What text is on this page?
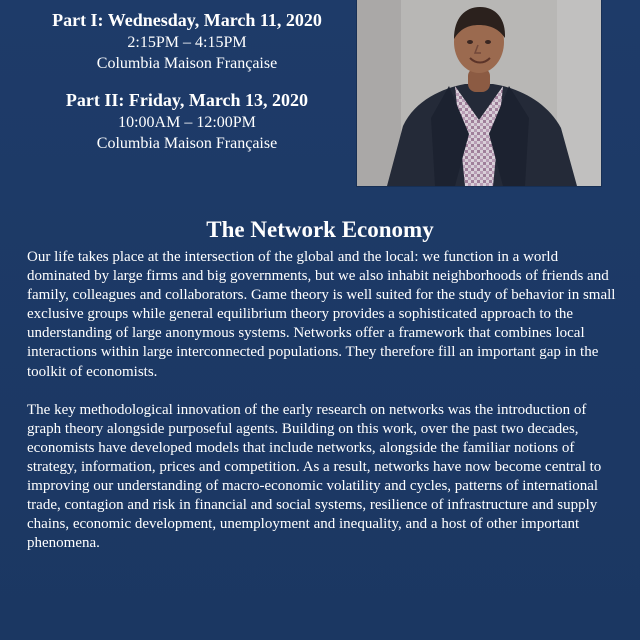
Part I: Wednesday, March 11, 2020
2:15PM – 4:15PM
Columbia Maison Française
Part II: Friday, March 13, 2020
10:00AM – 12:00PM
Columbia Maison Française
The Network Economy

Our life takes place at the intersection of the global and the local: we function in a world dominated by large firms and big governments, but we also inhabit neighborhoods of friends and family, colleagues and collaborators. Game theory is well suited for the study of behavior in small exclusive groups while general equilibrium theory provides a sophisticated approach to the understanding of large anonymous systems. Networks offer a framework that combines local interactions within large interconnected populations. They therefore fill an important gap in the toolkit of economists.

The key methodological innovation of the early research on networks was the introduction of graph theory alongside purposeful agents. Building on this work, over the past two decades, economists have developed models that include networks, alongside the familiar notions of strategy, information, prices and competition. As a result, networks have now become central to improving our understanding of macro-economic volatility and cycles, patterns of international trade, contagion and risk in financial and social systems, resilience of infrastructure and supply chains, economic development, unemployment and inequality, and a host of other important phenomena.
